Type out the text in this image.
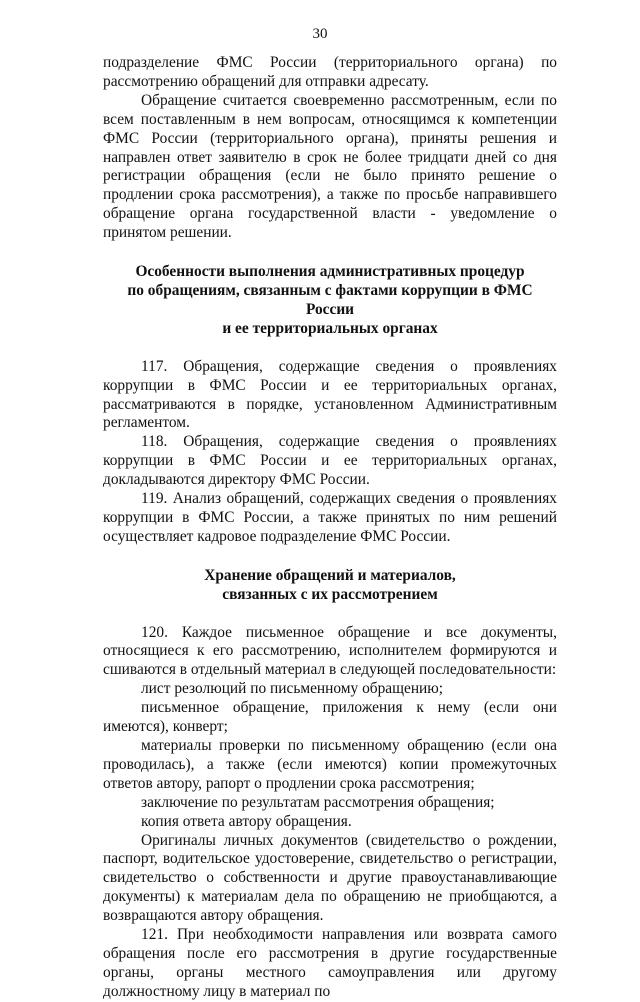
30

подразделение ФМС России (территориального органа) по рассмотрению обращений для отправки адресату.

Обращение считается своевременно рассмотренным, если по всем поставленным в нем вопросам, относящимся к компетенции ФМС России (территориального органа), приняты решения и направлен ответ заявителю в срок не более тридцати дней со дня регистрации обращения (если не было принято решение о продлении срока рассмотрения), а также по просьбе направившего обращение органа государственной власти - уведомление о принятом решении.

Особенности выполнения административных процедур
по обращениям, связанным с фактами коррупции в ФМС России
и ее территориальных органах

117. Обращения, содержащие сведения о проявлениях коррупции в ФМС России и ее территориальных органах, рассматриваются в порядке, установленном Административным регламентом.

118. Обращения, содержащие сведения о проявлениях коррупции в ФМС России и ее территориальных органах, докладываются директору ФМС России.

119. Анализ обращений, содержащих сведения о проявлениях коррупции в ФМС России, а также принятых по ним решений осуществляет кадровое подразделение ФМС России.

Хранение обращений и материалов,
связанных с их рассмотрением

120. Каждое письменное обращение и все документы, относящиеся к его рассмотрению, исполнителем формируются и сшиваются в отдельный материал в следующей последовательности:

лист резолюций по письменному обращению;

письменное обращение, приложения к нему (если они имеются), конверт;

материалы проверки по письменному обращению (если она проводилась), а также (если имеются) копии промежуточных ответов автору, рапорт о продлении срока рассмотрения;

заключение по результатам рассмотрения обращения;

копия ответа автору обращения.

Оригиналы личных документов (свидетельство о рождении, паспорт, водительское удостоверение, свидетельство о регистрации, свидетельство о собственности и другие правоустанавливающие документы) к материалам дела по обращению не приобщаются, а возвращаются автору обращения.

121. При необходимости направления или возврата самого обращения после его рассмотрения в другие государственные органы, органы местного самоуправления или другому должностному лицу в материал по
